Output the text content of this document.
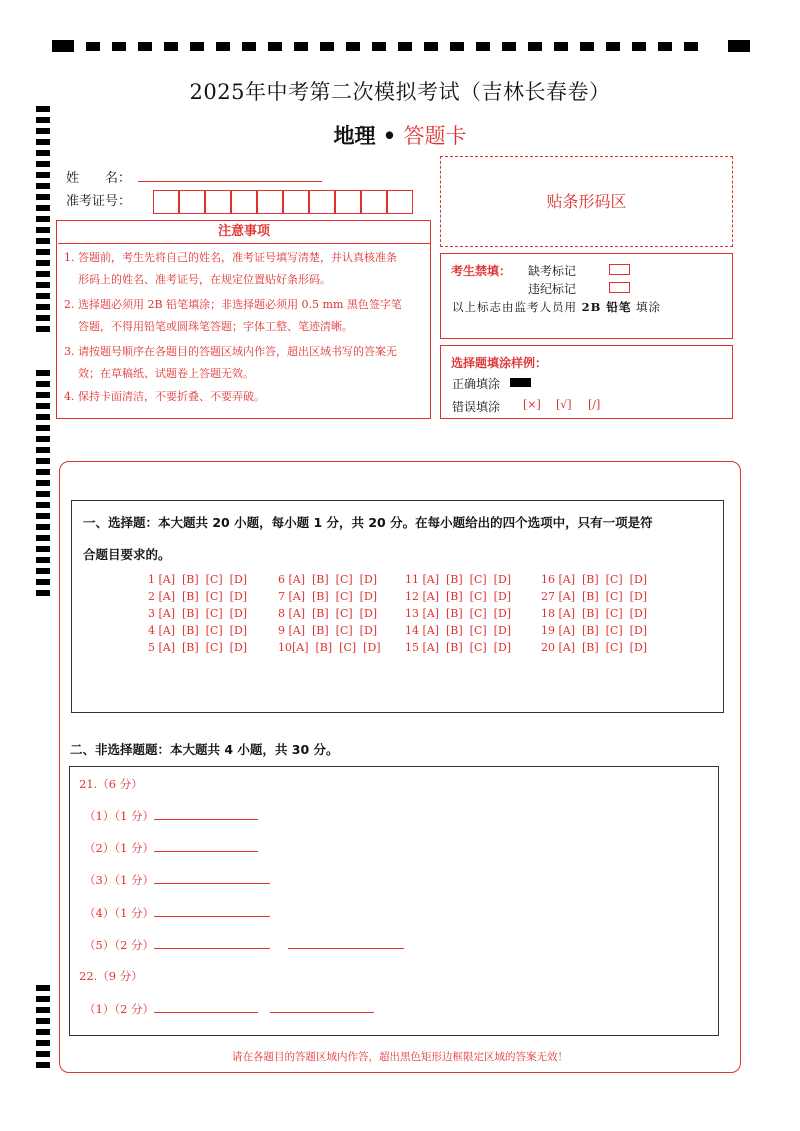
2025年中考第二次模拟考试（吉林长春卷）
地理 • 答题卡
姓　　名：
准考证号：	贴条形码区
注意事项
1. 答题前，考生先将自己的姓名，准考证号填写清楚，并认真核准条
形码上的姓名、准考证号，在规定位置贴好条形码。
2. 选择题必须用 2B 铅笔填涂；非选择题必须用 0.5 mm 黑色签字笔
答题，不得用铅笔或圆珠笔答题；字体工整、笔迹清晰。
3. 请按题号顺序在各题目的答题区域内作答，超出区域书写的答案无
效；在草稿纸、试题卷上答题无效。
4. 保持卡面清洁，不要折叠、不要弄破。
考生禁填： 缺考标记
违纪标记
以上标志由监考人员用 2B 铅笔 填涂
选择题填涂样例：
正确填涂
错误填涂 [×] [√] [/]
一、选择题：本大题共 20 小题，每小题 1 分，共 20 分。在每小题给出的四个选项中，只有一项是符
合题目要求的。
1 [A]  [B]  [C]  [D]	6 [A]  [B]  [C]  [D]	11 [A]  [B]  [C]  [D]	16 [A]  [B]  [C]  [D]
2 [A]  [B]  [C]  [D]	7 [A]  [B]  [C]  [D]	12 [A]  [B]  [C]  [D]	27 [A]  [B]  [C]  [D]
3 [A]  [B]  [C]  [D]	8 [A]  [B]  [C]  [D]	13 [A]  [B]  [C]  [D]	18 [A]  [B]  [C]  [D]
4 [A]  [B]  [C]  [D]	9 [A]  [B]  [C]  [D]	14 [A]  [B]  [C]  [D]	19 [A]  [B]  [C]  [D]
5 [A]  [B]  [C]  [D]	10[A]  [B]  [C]  [D] 15 [A]  [B]  [C]  [D]	20 [A]  [B]  [C]  [D]
二、非选择题题：本大题共 4 小题，共 30 分。
21.（6 分）
（1）（1 分）
（2）（1 分）
（3）（1 分）
（4）（1 分）
（5）（2 分）
22.（9 分）
（1）（2 分）
请在各题目的答题区域内作答，超出黑色矩形边框限定区域的答案无效！
